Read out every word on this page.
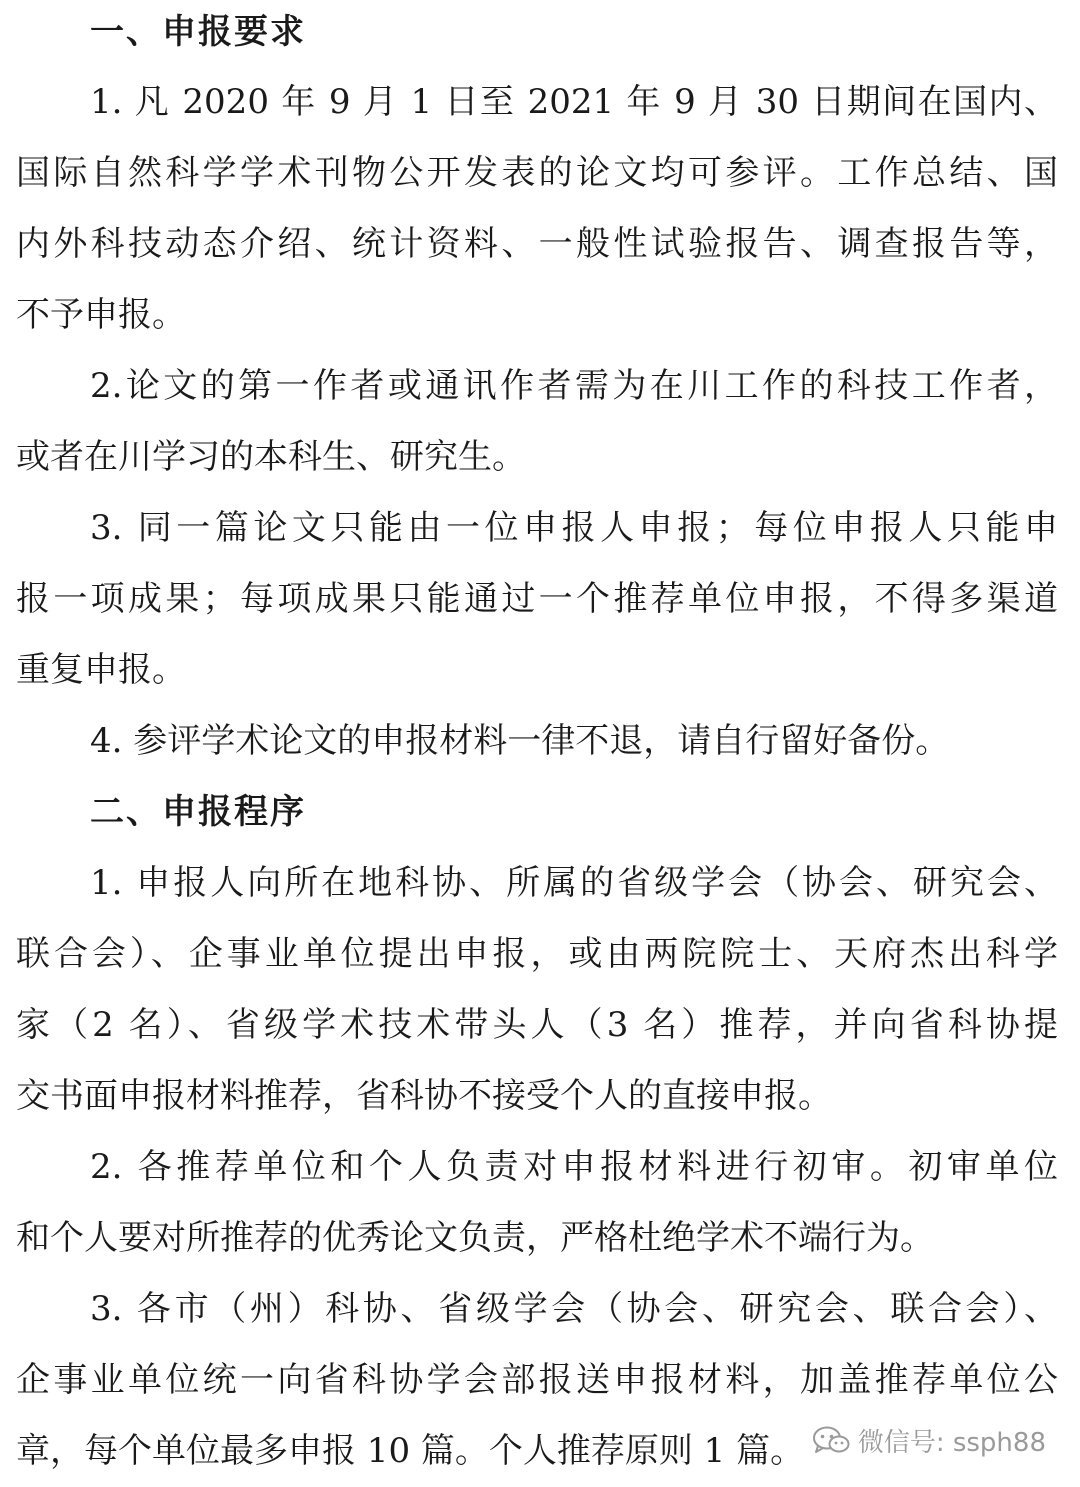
一、申报要求
1. 凡 2020 年 9 月 1 日至 2021 年 9 月 30 日期间在国内、
国际自然科学学术刊物公开发表的论文均可参评。工作总结、国
内外科技动态介绍、统计资料、一般性试验报告、调查报告等，
不予申报。
2.论文的第一作者或通讯作者需为在川工作的科技工作者，
或者在川学习的本科生、研究生。
3. 同一篇论文只能由一位申报人申报；每位申报人只能申
报一项成果；每项成果只能通过一个推荐单位申报，不得多渠道
重复申报。
4. 参评学术论文的申报材料一律不退，请自行留好备份。
二、申报程序
1. 申报人向所在地科协、所属的省级学会（协会、研究会、
联合会）、企事业单位提出申报，或由两院院士、天府杰出科学
家（2 名）、省级学术技术带头人（3 名）推荐，并向省科协提
交书面申报材料推荐，省科协不接受个人的直接申报。
2. 各推荐单位和个人负责对申报材料进行初审。初审单位
和个人要对所推荐的优秀论文负责，严格杜绝学术不端行为。
3. 各市（州）科协、省级学会（协会、研究会、联合会）、
企事业单位统一向省科协学会部报送申报材料，加盖推荐单位公
章，每个单位最多申报 10 篇。个人推荐原则 1 篇。	微信号: ssph88
